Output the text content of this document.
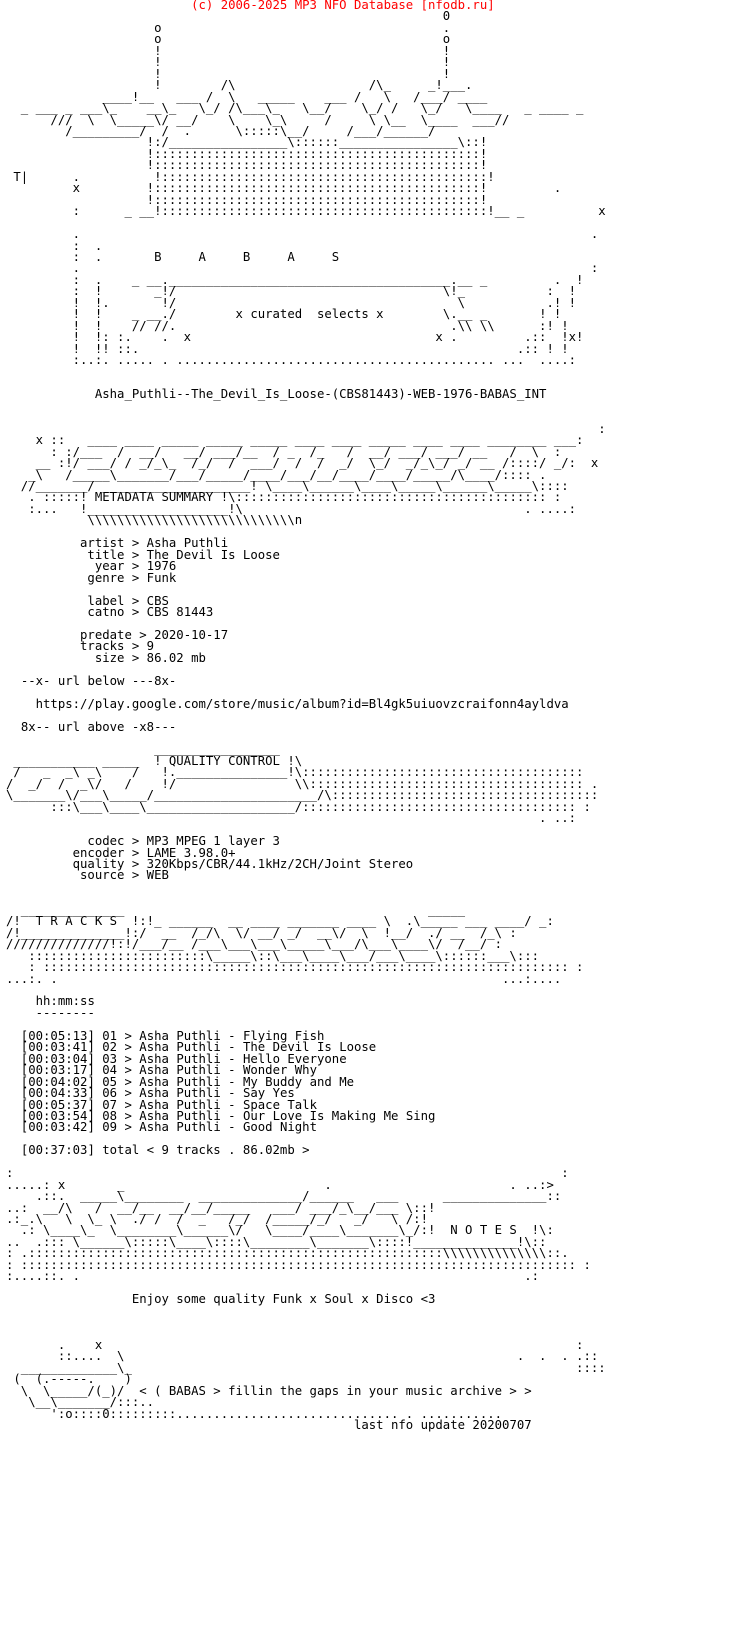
(c) 2006-2025 MP3 NFO Database [nfodb.ru]
0
o                                      .
o                                      o
!                                      !
!                                      !
!                                      !
!        /\                  /\_     _!___.
____!__   ___ /  \   _____    ___ /   \   /___/ ____
_ ___ _ ___\_    __\_   \_/ /\___\_   \__/    \_/ /   \_/   \____   _ ____ _
///  \  \_____\/ __/    \    \_\     /     \ \__  \____  ___//
/_________/  /  .      \:::::\__/     /___/______/
!:/________________\::::::________________\::!
!::::::::::::::::::::::::::::::::::::::::::::!
!::::::::::::::::::::::::::::::::::::::::::::!
T|      .          !::::::::::::::::::::::::::::::::::::::::::::!
x         !::::::::::::::::::::::::::::::::::::::::::::!         .
!::::::::::::::::::::::::::::::::::::::::::::!
:      _ __!::::::::::::::::::::::::::::::::::::::::::::!__ _          x

.                                                                     .
:  .
:  .       B     A     B     A     S
.                                                                     :
:  .    _ __.______________________________________.__ _         .  !
:  !       _!/                                    \!_           :  !
!  !.       !/                                      \           .! !
!  !    _ __./        x curated  selects x	\.__ _       ! !
!  !    // //.                                     .\\ \\      :! !
!  !: :.    .  x                                 x .         .::  !x!
!  !! ::.                                                   .:: ! !
:..:. ..... . ........................................... ...  ....:

Asha_Puthli--The_Devil_Is_Loose-(CBS81443)-WEB-1976-BABAS_INT

:
x ::   ____ ____ _____ _____ _____ ____ ____ _____ ____ ____ ________ ___:
: :/___  /  __/   __/ ___/__  / _  /_   /  __/ ___/ ___/ __   /  \  :
__ :!/ ___/ / _/_\_  /_/  /  ___/  /  /  _/  \_/  _/_\_/ _/ __ /::::/ _/:  x
_\   /_____\_______/___/_____/____/___/__/____/____/_____/\____/:::: .
//_______/ ____________________! \____\______\____\_____\______\_____\::::
. :::::! METADATA SUMMARY !\:::::::::::::::::::::::::::::::::::::::::: :
:...   !___________________!\                                      . ....:
\\\\\\\\\\\\\\\\\\\\\\\\\\\\n

artist > Asha Puthli
title > The Devil Is Loose
year > 1976
genre > Funk

label > CBS
catno > CBS 81443

predate > 2020-10-17
tracks > 9
size > 86.02 mb

--x- url below ---8x-

https://play.google.com/store/music/album?id=Bl4gk5uiuovzcraifonn4ayldva

8x-- url above -x8---

_________________
___________ _____  ! QUALITY CONTROL !\
/   _  _\ _\    /   !._______________!\::::::::::::::::::::::::::::::::::::::
/  _/  /  _\/   /    !/                \\::::::::::::::::::::::::::::::::::::: .
\_______\/___\_____/______________________/\::::::::::::::::::::::::::::::::::::
:::\___\____\____________________/::::::::::::::::::::::::::::::::::::: :
. ..:

codec > MP3 MPEG 1 layer 3
encoder > LAME 3.98.0+
quality > 320Kbps/CBR/44.1kHz/2CH/Joint Stereo
source > WEB

______________                                         _____
/!  T R A C K S  !:!_ ______  __ ____ _______ ____ \  .\_____ ___ ____/ _:
/!______________!:/  __  /_/\  \/ __/ _/  __\/  \  !__/  ./ __  /_\ :
//////////////!:!/___/__ /___\___\___\_____\___/\___\____\/  /__/ :
::::::::::::::::::::::::\_____\::\___\____\___/___\____\::::::___\:::
: ::::::::::::::::::::::::::::::::::::::::::::::::::::::::::::::::::::::: :
...:. .                                                            ...:....

hh:mm:ss
--------

[00:05:13] 01 > Asha Puthli - Flying Fish
[00:03:41] 02 > Asha Puthli - The Devil Is Loose
[00:03:04] 03 > Asha Puthli - Hello Everyone
[00:03:17] 04 > Asha Puthli - Wonder Why
[00:04:02] 05 > Asha Puthli - My Buddy and Me
[00:04:33] 06 > Asha Puthli - Say Yes
[00:05:37] 07 > Asha Puthli - Space Talk
[00:03:54] 08 > Asha Puthli - Our Love Is Making Me Sing
[00:03:42] 09 > Asha Puthli - Good Night

[00:37:03] total < 9 tracks . 86.02mb >

:                                                                          :
.....: x       _                           .                        . ..:>
.::.  _____\________  ______________/______   ___      ______________::
..:  __/\   /  __/__  __/__/_____   ___/ ___/_\__/___ \::!
.:_.\   \  \_ \  ./ /  /  _   /_/  /_____/_/   _/   \ /:!
.: \____\_  \________\______\/   \____/____\_______\_/:!  N O T E S  !\:
..  .::: \______\:::::\____\::::\________\_______\::::!______________!\::
: .::::::::::::::::::::::::::::::::::::::::::::::::::::::::\\\\\\\\\\\\\\::.
: ::::::::::::::::::::::::::::::::::::::::::::::::::::::::::::::::::::::::::: :
:....::. .                                                            .:

Enjoy some quality Funk x Soul x Disco <3

.    x                                                                :
::....  \                                                     .  .  . .::
_____________\_                                                            ::::
(  (.-----.    )
\  \_____/(_)/  < ( BABAS > fillin the gaps in your music archive > >
\__\_______/:::..
':o::::0:::::::::.............................. . ...........
last nfo update 20200707
